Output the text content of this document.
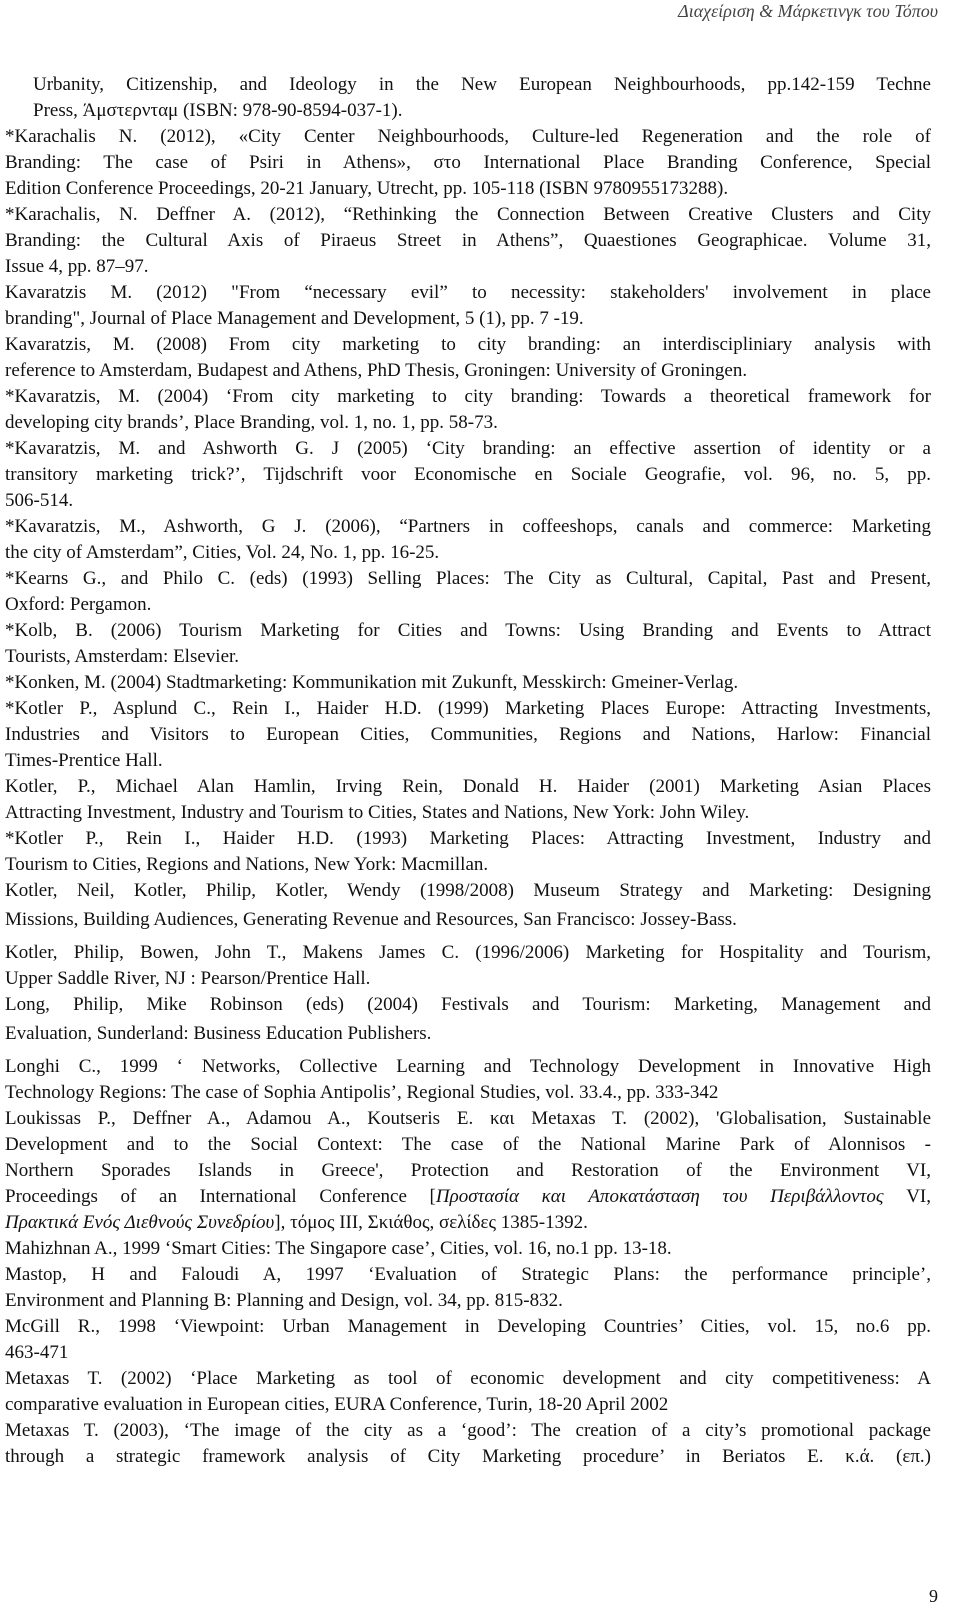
Διαχείριση & Μάρκετινγκ του Τόπου

Urbanity, Citizenship, and Ideology in the New European Neighbourhoods, pp.142-159 Techne
Press, Άμστερνταμ (ISBN: 978-90-8594-037-1).

*Karachalis N. (2012), «City Center Neighbourhoods, Culture-led Regeneration and the role of
Branding: The case of Psiri in Athens», στο International Place Branding Conference, Special
Edition Conference Proceedings, 20-21 January, Utrecht, pp. 105-118 (ISBN 9780955173288).

*Karachalis, N. Deffner A. (2012), “Rethinking the Connection Between Creative Clusters and City
Branding: the Cultural Axis of Piraeus Street in Athens”, Quaestiones Geographicae. Volume 31,
Issue 4, pp. 87–97.

Kavaratzis M. (2012) "From “necessary evil” to necessity: stakeholders' involvement in place
branding", Journal of Place Management and Development, 5 (1), pp. 7 -19.

Kavaratzis, M. (2008) From city marketing to city branding: an interdiscipliniary analysis with
reference to Amsterdam, Budapest and Athens, PhD Thesis, Groningen: University of Groningen.

*Kavaratzis, M. (2004) ‘From city marketing to city branding: Towards a theoretical framework for
developing city brands’, Place Branding, vol. 1, no. 1, pp. 58-73.

*Kavaratzis, M. and Ashworth G. J (2005) ‘City branding: an effective assertion of identity or a
transitory marketing trick?’, Tijdschrift voor Economische en Sociale Geografie, vol. 96, no. 5, pp.
506-514.

*Kavaratzis, M., Ashworth, G J. (2006), “Partners in coffeeshops, canals and commerce: Marketing
the city of Amsterdam”, Cities, Vol. 24, No. 1, pp. 16-25.

*Kearns G., and Philo C. (eds) (1993) Selling Places: The City as Cultural, Capital, Past and Present,
Oxford: Pergamon.

*Kolb, B. (2006) Tourism Marketing for Cities and Towns: Using Branding and Events to Attract
Tourists, Amsterdam: Elsevier.

*Konken, M. (2004) Stadtmarketing: Kommunikation mit Zukunft, Messkirch: Gmeiner-Verlag.

*Kotler P., Asplund C., Rein I., Haider H.D. (1999) Marketing Places Europe: Attracting Investments,
Industries and Visitors to European Cities, Communities, Regions and Nations, Harlow: Financial
Times-Prentice Hall.

Kotler, P., Michael Alan Hamlin, Irving Rein, Donald H. Haider (2001) Marketing Asian Places
Attracting Investment, Industry and Tourism to Cities, States and Nations, New York: John Wiley.

*Kotler P., Rein I., Haider H.D. (1993) Marketing Places: Attracting Investment, Industry and
Tourism to Cities, Regions and Nations, New York: Macmillan.

Kotler, Neil, Kotler, Philip, Kotler, Wendy (1998/2008) Museum Strategy and Marketing: Designing
Missions, Building Audiences, Generating Revenue and Resources, San Francisco: Jossey-Bass.

Kotler, Philip, Bowen, John T., Makens James C. (1996/2006) Marketing for Hospitality and Tourism,
Upper Saddle River, NJ : Pearson/Prentice Hall.

Long, Philip, Mike Robinson (eds) (2004) Festivals and Tourism: Marketing, Management and
Evaluation, Sunderland: Business Education Publishers.

Longhi C., 1999 ‘ Networks, Collective Learning and Technology Development in Innovative High
Technology Regions: The case of Sophia Antipolis’, Regional Studies, vol. 33.4., pp. 333-342

Loukissas P., Deffner A., Adamou A., Koutseris E. και Metaxas T. (2002), 'Globalisation, Sustainable
Development and to the Social Context: The case of the National Marine Park of Alonnisos -
Northern Sporades Islands in Greece', Protection and Restoration of the Environment VI,
Proceedings of an International Conference [Προστασία και Αποκατάσταση του Περιβάλλοντος VI,
Πρακτικά Ενός Διεθνούς Συνεδρίου], τόμος ΙΙΙ, Σκιάθος, σελίδες 1385-1392.

Mahizhnan A., 1999 ‘Smart Cities: The Singapore case’, Cities, vol. 16, no.1 pp. 13-18.

Mastop, H and Faloudi A, 1997 ‘Evaluation of Strategic Plans: the performance principle’,
Environment and Planning B: Planning and Design, vol. 34, pp. 815-832.

McGill R., 1998 ‘Viewpoint: Urban Management in Developing Countries’ Cities, vol. 15, no.6 pp.
463-471

Metaxas T. (2002) ‘Place Marketing as tool of economic development and city competitiveness: A
comparative evaluation in European cities, EURA Conference, Turin, 18-20 April 2002

Metaxas T. (2003), ‘The image of the city as a ‘good’: The creation of a city’s promotional package
through a strategic framework analysis of City Marketing procedure’ in Beriatos Ε. κ.ά. (επ.)

9
